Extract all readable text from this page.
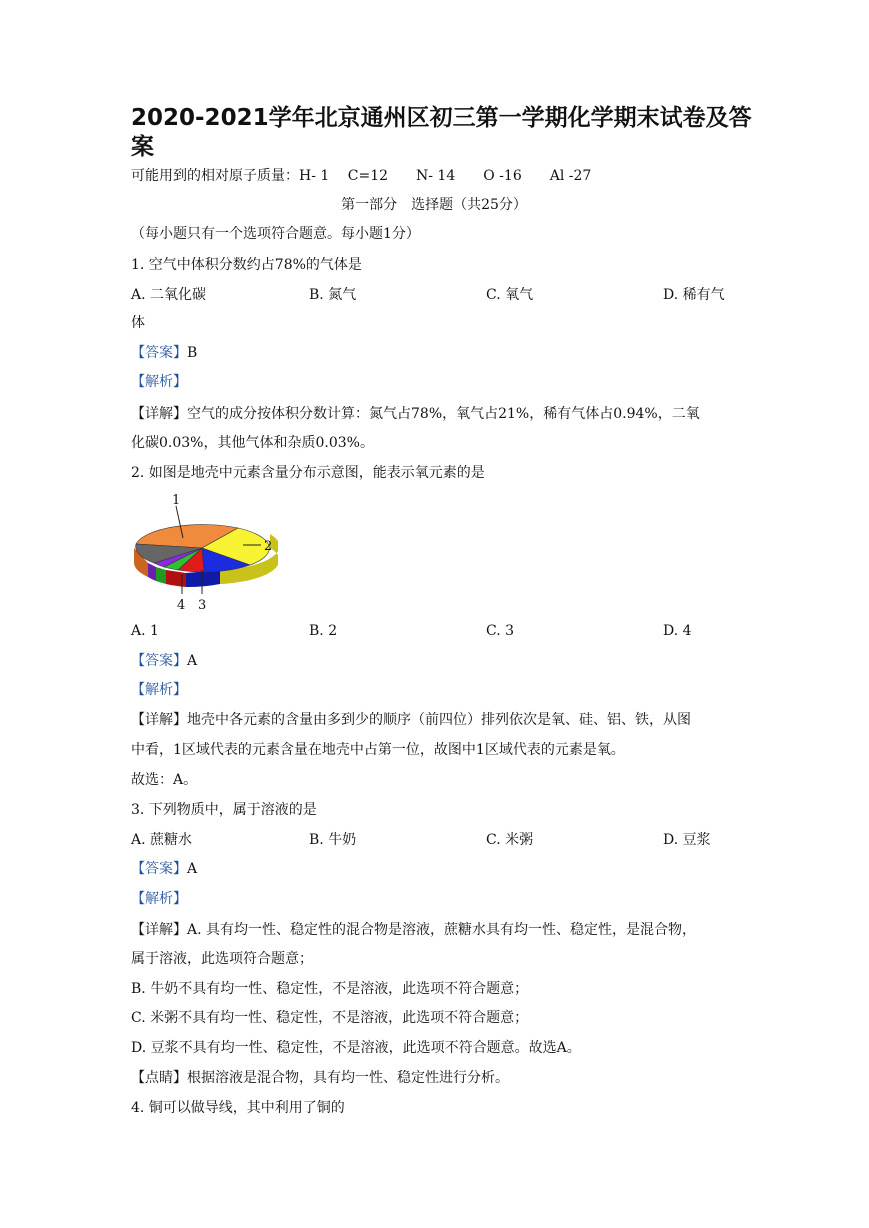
2020-2021学年北京通州区初三第一学期化学期末试卷及答
案
可能用到的相对原子质量：H- 1　 C=12　　N- 14　　O -16　　Al -27
第一部分　选择题（共25分）
（每小题只有一个选项符合题意。每小题1分）
1. 空气中体积分数约占78%的气体是
A. 二氧化碳	B. 氮气	C. 氧气	D. 稀有气
体
【答案】B
【解析】
【详解】空气的成分按体积分数计算：氮气占78%，氧气占21%，稀有气体占0.94%，二氧
化碳0.03%，其他气体和杂质0.03%。
2. 如图是地壳中元素含量分布示意图，能表示氧元素的是
1
2
3
4
A. 1	B. 2	C. 3	D. 4
【答案】A
【解析】
【详解】地壳中各元素的含量由多到少的顺序（前四位）排列依次是氧、硅、铝、铁，从图
中看，1区域代表的元素含量在地壳中占第一位，故图中1区域代表的元素是氧。
故选：A。
3. 下列物质中，属于溶液的是
A. 蔗糖水	B. 牛奶	C. 米粥	D. 豆浆
【答案】A
【解析】
【详解】A. 具有均一性、稳定性的混合物是溶液，蔗糖水具有均一性、稳定性，是混合物，
属于溶液，此选项符合题意；
B. 牛奶不具有均一性、稳定性，不是溶液，此选项不符合题意；
C. 米粥不具有均一性、稳定性，不是溶液，此选项不符合题意；
D. 豆浆不具有均一性、稳定性，不是溶液，此选项不符合题意。故选A。
【点睛】根据溶液是混合物，具有均一性、稳定性进行分析。
4. 铜可以做导线，其中利用了铜的
